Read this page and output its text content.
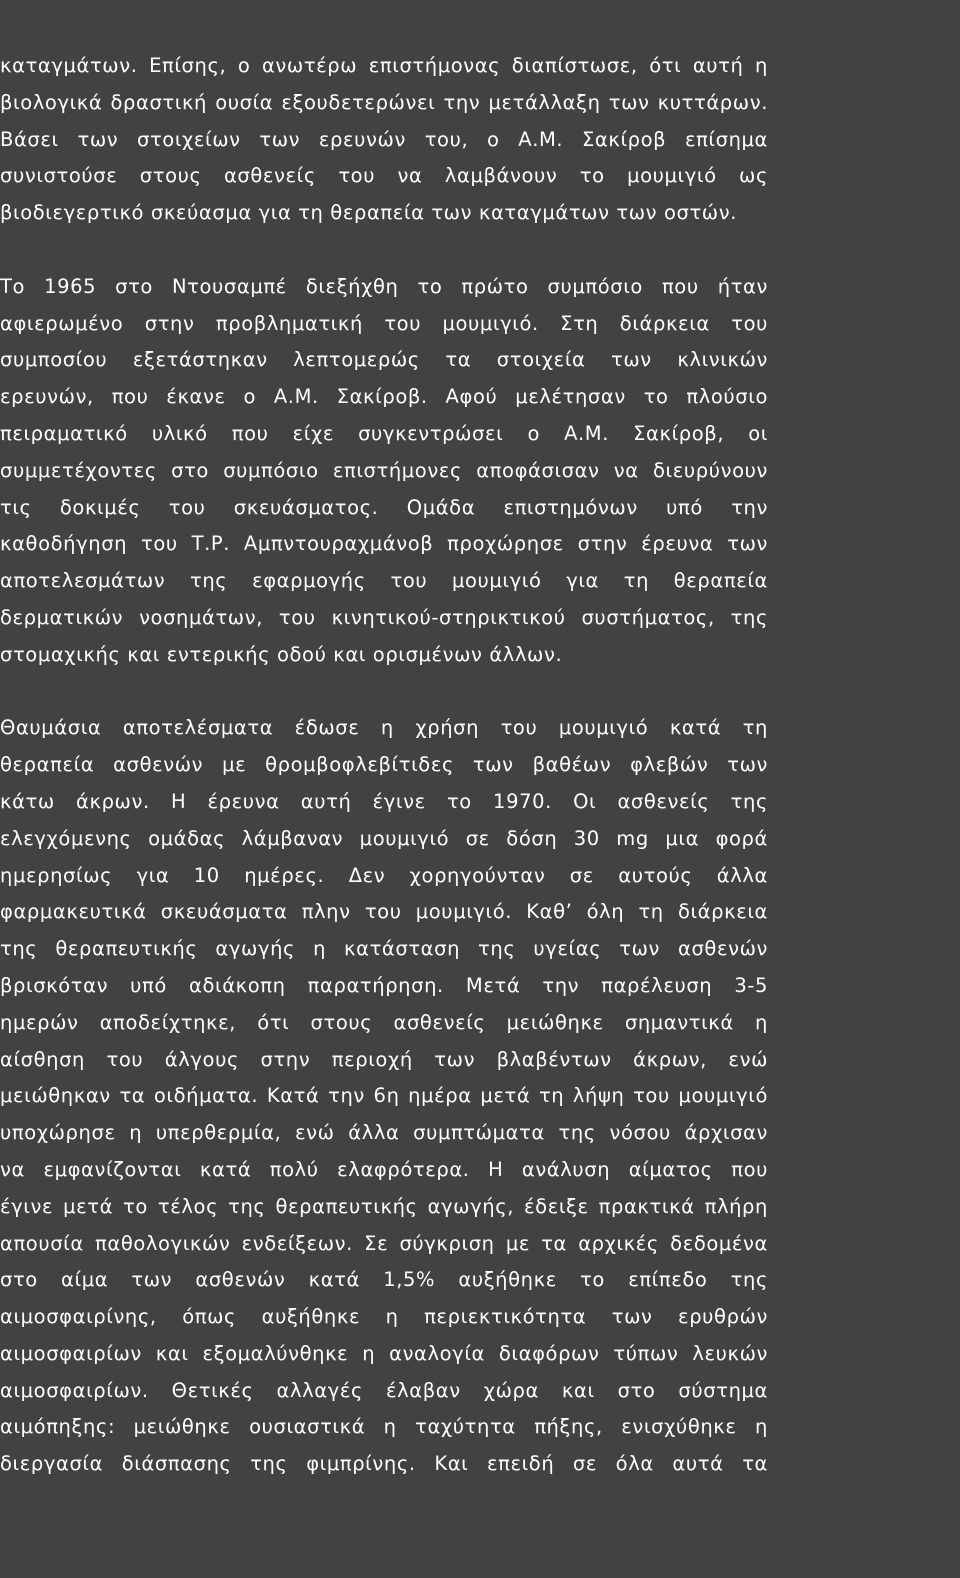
καταγμάτων. Επίσης, ο ανωτέρω επιστήμονας διαπίστωσε, ότι αυτή η
βιολογικά δραστική ουσία εξουδετερώνει την μετάλλαξη των κυττάρων.
Βάσει των στοιχείων των ερευνών του, ο Α.Μ. Σακίροβ επίσημα
συνιστούσε στους ασθενείς του να λαμβάνουν το μουμιγιό ως
βιοδιεγερτικό σκεύασμα για τη θεραπεία των καταγμάτων των οστών.
Το 1965 στο Ντουσαμπέ διεξήχθη το πρώτο συμπόσιο που ήταν
αφιερωμένο στην προβληματική του μουμιγιό. Στη διάρκεια του
συμποσίου εξετάστηκαν λεπτομερώς τα στοιχεία των κλινικών
ερευνών, που έκανε ο Α.Μ. Σακίροβ. Αφού μελέτησαν το πλούσιο
πειραματικό υλικό που είχε συγκεντρώσει ο Α.Μ. Σακίροβ, οι
συμμετέχοντες στο συμπόσιο επιστήμονες αποφάσισαν να διευρύνουν
τις δοκιμές του σκευάσματος. Ομάδα επιστημόνων υπό την
καθοδήγηση του Τ.Ρ. Αμπντουραχμάνοβ προχώρησε στην έρευνα των
αποτελεσμάτων της εφαρμογής του μουμιγιό για τη θεραπεία
δερματικών νοσημάτων, του κινητικού-στηρικτικού συστήματος, της
στομαχικής και εντερικής οδού και ορισμένων άλλων.
Θαυμάσια αποτελέσματα έδωσε η χρήση του μουμιγιό κατά τη
θεραπεία ασθενών με θρομβοφλεβίτιδες των βαθέων φλεβών των
κάτω άκρων. Η έρευνα αυτή έγινε το 1970. Οι ασθενείς της
ελεγχόμενης ομάδας λάμβαναν μουμιγιό σε δόση 30 mg μια φορά
ημερησίως για 10 ημέρες. Δεν χορηγούνταν σε αυτούς άλλα
φαρμακευτικά σκευάσματα πλην του μουμιγιό. Καθ’ όλη τη διάρκεια
της θεραπευτικής αγωγής η κατάσταση της υγείας των ασθενών
βρισκόταν υπό αδιάκοπη παρατήρηση. Μετά την παρέλευση 3-5
ημερών αποδείχτηκε, ότι στους ασθενείς μειώθηκε σημαντικά η
αίσθηση του άλγους στην περιοχή των βλαβέντων άκρων, ενώ
μειώθηκαν τα οιδήματα. Κατά την 6η ημέρα μετά τη λήψη του μουμιγιό
υποχώρησε η υπερθερμία, ενώ άλλα συμπτώματα της νόσου άρχισαν
να εμφανίζονται κατά πολύ ελαφρότερα. Η ανάλυση αίματος που
έγινε μετά το τέλος της θεραπευτικής αγωγής, έδειξε πρακτικά πλήρη
απουσία παθολογικών ενδείξεων. Σε σύγκριση με τα αρχικές δεδομένα
στο αίμα των ασθενών κατά 1,5% αυξήθηκε το επίπεδο της
αιμοσφαιρίνης, όπως αυξήθηκε η περιεκτικότητα των ερυθρών
αιμοσφαιρίων και εξομαλύνθηκε η αναλογία διαφόρων τύπων λευκών
αιμοσφαιρίων. Θετικές αλλαγές έλαβαν χώρα και στο σύστημα
αιμόπηξης: μειώθηκε ουσιαστικά η ταχύτητα πήξης, ενισχύθηκε η
διεργασία διάσπασης της φιμπρίνης. Και επειδή σε όλα αυτά τα
